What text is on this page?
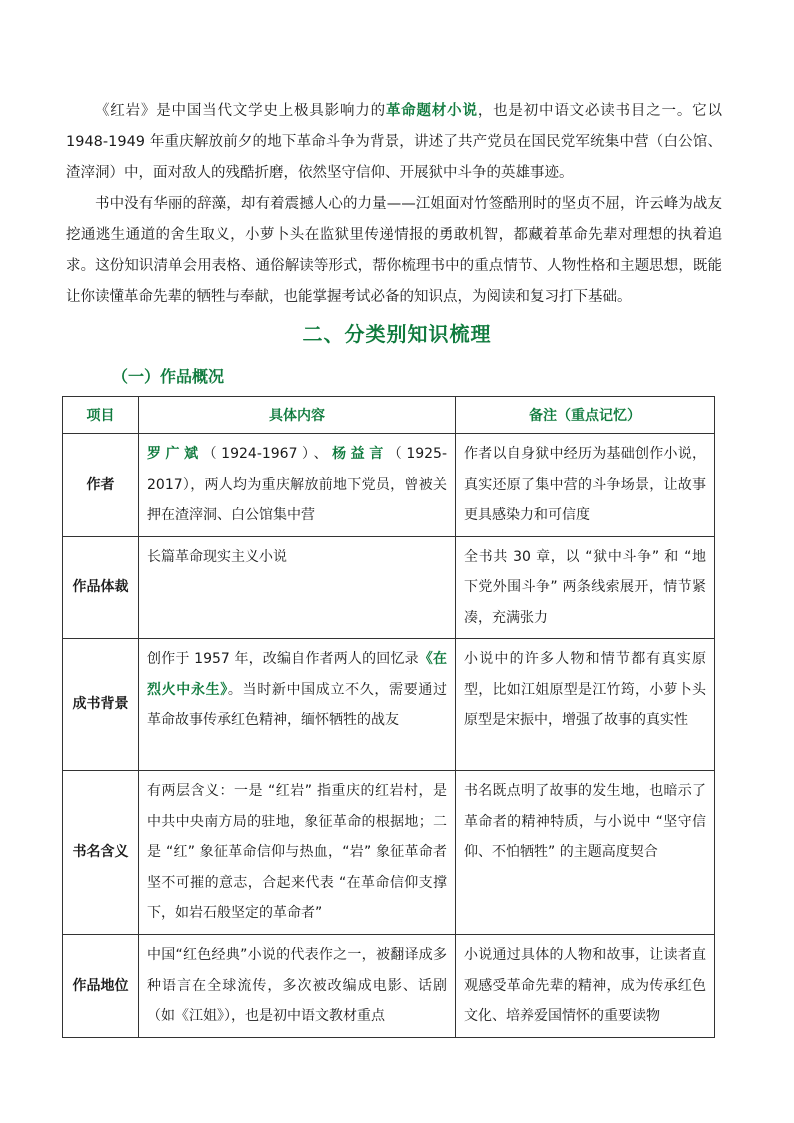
《红岩》是中国当代文学史上极具影响力的革命题材小说，也是初中语文必读书目之一。它以1948-1949 年重庆解放前夕的地下革命斗争为背景，讲述了共产党员在国民党军统集中营（白公馆、渣滓洞）中，面对敌人的残酷折磨，依然坚守信仰、开展狱中斗争的英雄事迹。

书中没有华丽的辞藻，却有着震撼人心的力量——江姐面对竹签酷刑时的坚贞不屈，许云峰为战友挖通逃生通道的舍生取义，小萝卜头在监狱里传递情报的勇敢机智，都藏着革命先辈对理想的执着追求。这份知识清单会用表格、通俗解读等形式，帮你梳理书中的重点情节、人物性格和主题思想，既能让你读懂革命先辈的牺牲与奉献，也能掌握考试必备的知识点，为阅读和复习打下基础。

二、分类别知识梳理
（一）作品概况
项目	具体内容	备注（重点记忆）
作者	罗广斌（1924-1967）、杨益言（1925-2017），两人均为重庆解放前地下党员，曾被关押在渣滓洞、白公馆集中营	作者以自身狱中经历为基础创作小说，真实还原了集中营的斗争场景，让故事更具感染力和可信度
作品体裁	长篇革命现实主义小说	全书共 30 章，以 “狱中斗争” 和 “地下党外围斗争” 两条线索展开，情节紧凑，充满张力
成书背景	创作于 1957 年，改编自作者两人的回忆录《在烈火中永生》。当时新中国成立不久，需要通过革命故事传承红色精神，缅怀牺牲的战友	小说中的许多人物和情节都有真实原型，比如江姐原型是江竹筠，小萝卜头原型是宋振中，增强了故事的真实性
书名含义	有两层含义：一是 “红岩” 指重庆的红岩村，是中共中央南方局的驻地，象征革命的根据地；二是 “红” 象征革命信仰与热血，“岩” 象征革命者坚不可摧的意志，合起来代表 “在革命信仰支撑下，如岩石般坚定的革命者”	书名既点明了故事的发生地，也暗示了革命者的精神特质，与小说中 “坚守信仰、不怕牺牲” 的主题高度契合
作品地位	中国“红色经典”小说的代表作之一，被翻译成多种语言在全球流传，多次被改编成电影、话剧（如《江姐》），也是初中语文教材重点	小说通过具体的人物和故事，让读者直观感受革命先辈的精神，成为传承红色文化、培养爱国情怀的重要读物
